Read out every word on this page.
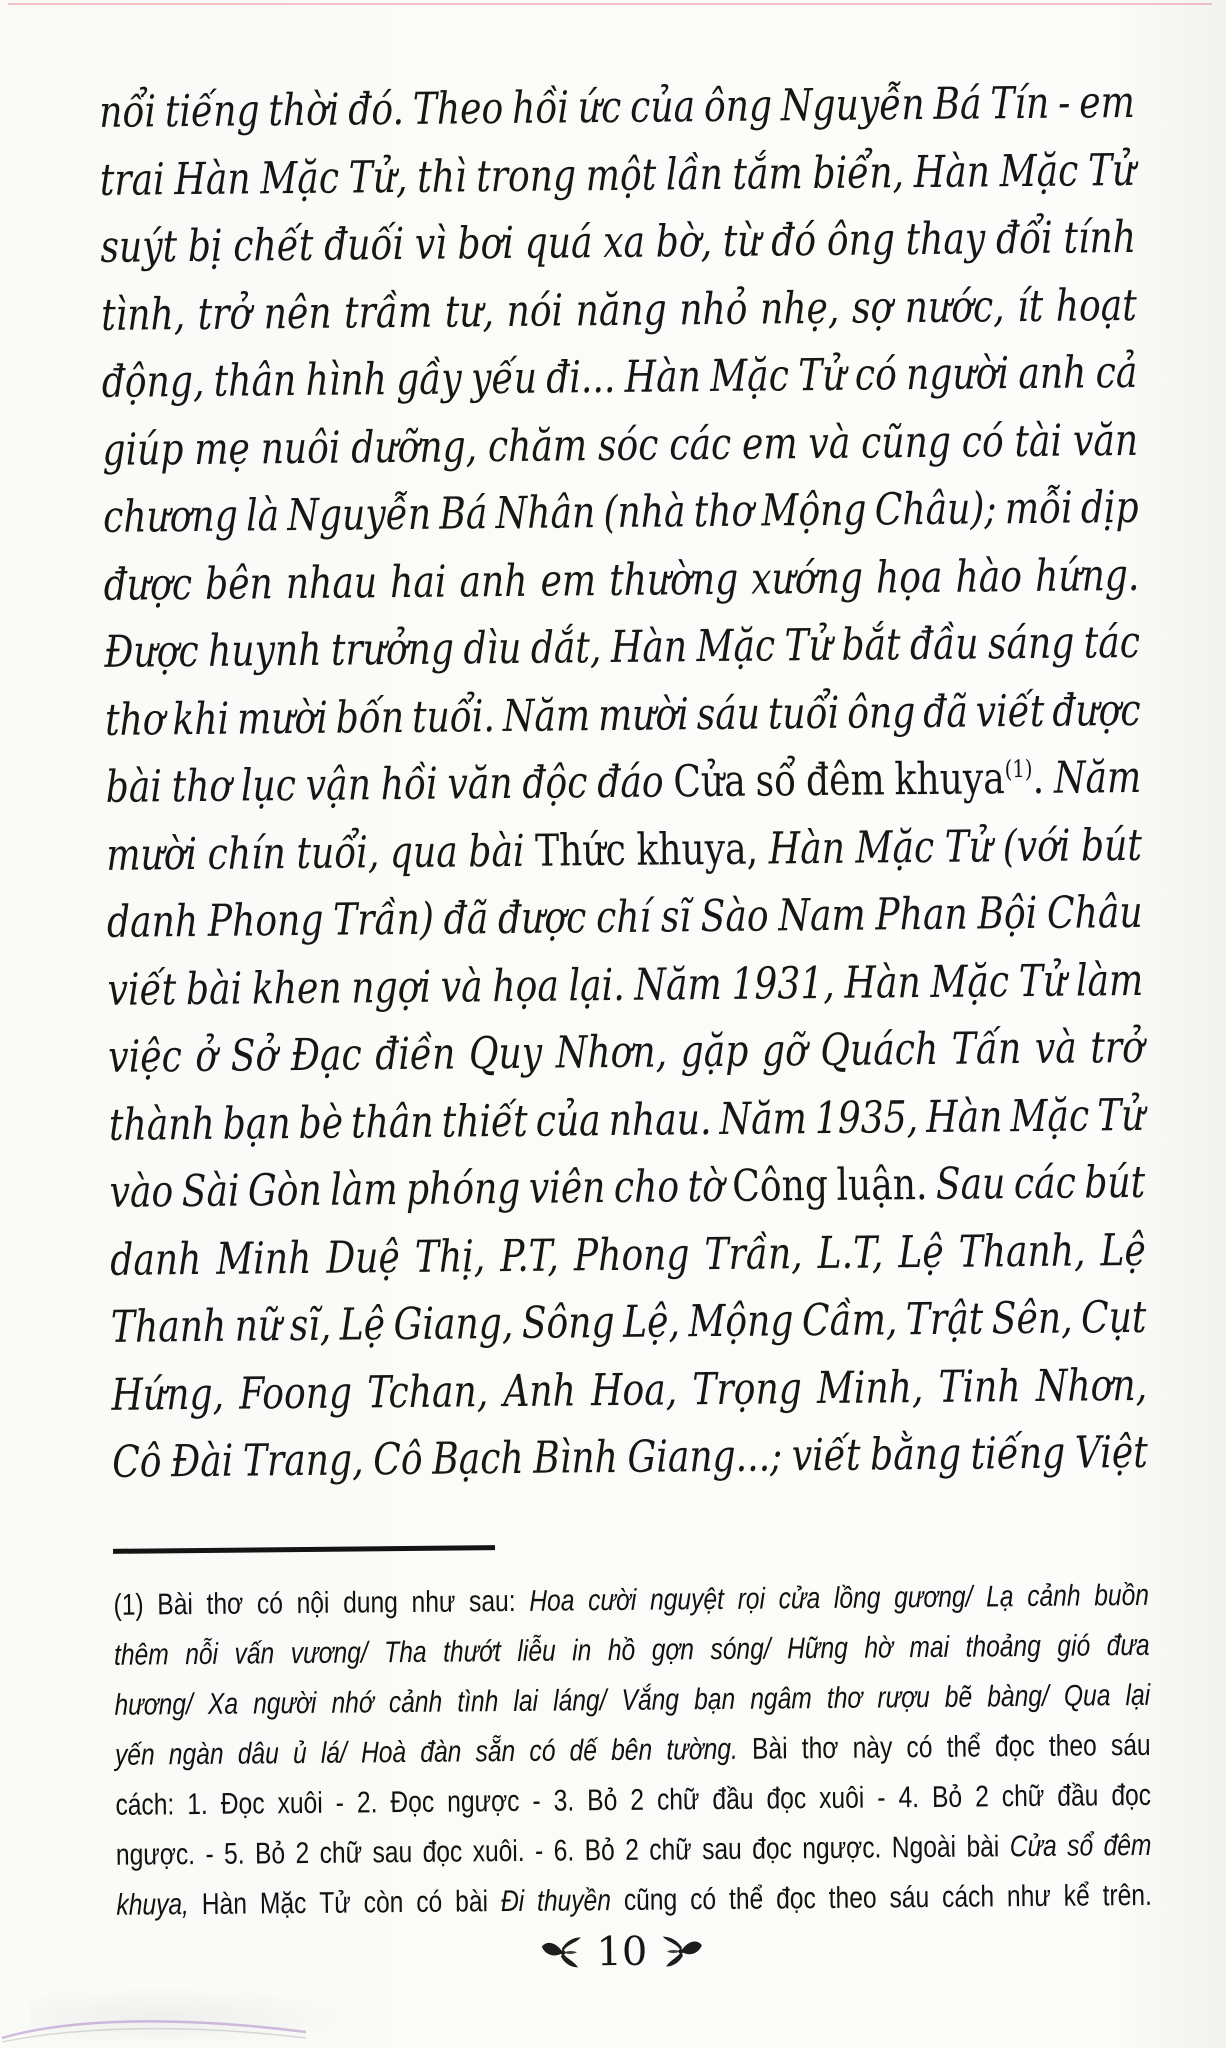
nổi tiếng thời đó. Theo hồi ức của ông Nguyễn Bá Tín - em
trai Hàn Mặc Tử, thì trong một lần tắm biển, Hàn Mặc Tử
suýt bị chết đuối vì bơi quá xa bờ, từ đó ông thay đổi tính
tình, trở nên trầm tư, nói năng nhỏ nhẹ, sợ nước, ít hoạt
động, thân hình gầy yếu đi... Hàn Mặc Tử có người anh cả
giúp mẹ nuôi dưỡng, chăm sóc các em và cũng có tài văn
chương là Nguyễn Bá Nhân (nhà thơ Mộng Châu); mỗi dịp
được bên nhau hai anh em thường xướng họa hào hứng.
Được huynh trưởng dìu dắt, Hàn Mặc Tử bắt đầu sáng tác
thơ khi mười bốn tuổi. Năm mười sáu tuổi ông đã viết được
bài thơ lục vận hồi văn độc đáo Cửa sổ đêm khuya$^{(1)}$. Năm
mười chín tuổi, qua bài Thức khuya, Hàn Mặc Tử (với bút
danh Phong Trần) đã được chí sĩ Sào Nam Phan Bội Châu
viết bài khen ngợi và họa lại. Năm 1931, Hàn Mặc Tử làm
việc ở Sở Đạc điền Quy Nhơn, gặp gỡ Quách Tấn và trở
thành bạn bè thân thiết của nhau. Năm 1935, Hàn Mặc Tử
vào Sài Gòn làm phóng viên cho tờ Công luận. Sau các bút
danh Minh Duệ Thị, P.T, Phong Trần, L.T, Lệ Thanh, Lệ
Thanh nữ sĩ, Lệ Giang, Sông Lệ, Mộng Cầm, Trật Sên, Cụt
Hứng, Foong Tchan, Anh Hoa, Trọng Minh, Tinh Nhơn,
Cô Đài Trang, Cô Bạch Bình Giang...; viết bằng tiếng Việt
(1) Bài thơ có nội dung như sau: Hoa cười nguyệt rọi cửa lồng gương/ Lạ cảnh buồn
thêm nỗi vấn vương/ Tha thướt liễu in hồ gợn sóng/ Hững hờ mai thoảng gió đưa
hương/ Xa người nhớ cảnh tình lai láng/ Vắng bạn ngâm thơ rượu bẽ bàng/ Qua lại
yến ngàn dâu ủ lá/ Hoà đàn sẵn có dế bên tường. Bài thơ này có thể đọc theo sáu
cách: 1. Đọc xuôi - 2. Đọc ngược - 3. Bỏ 2 chữ đầu đọc xuôi - 4. Bỏ 2 chữ đầu đọc
ngược. - 5. Bỏ 2 chữ sau đọc xuôi. - 6. Bỏ 2 chữ sau đọc ngược. Ngoài bài Cửa sổ đêm
khuya, Hàn Mặc Tử còn có bài Đi thuyền cũng có thể đọc theo sáu cách như kể trên.
10
